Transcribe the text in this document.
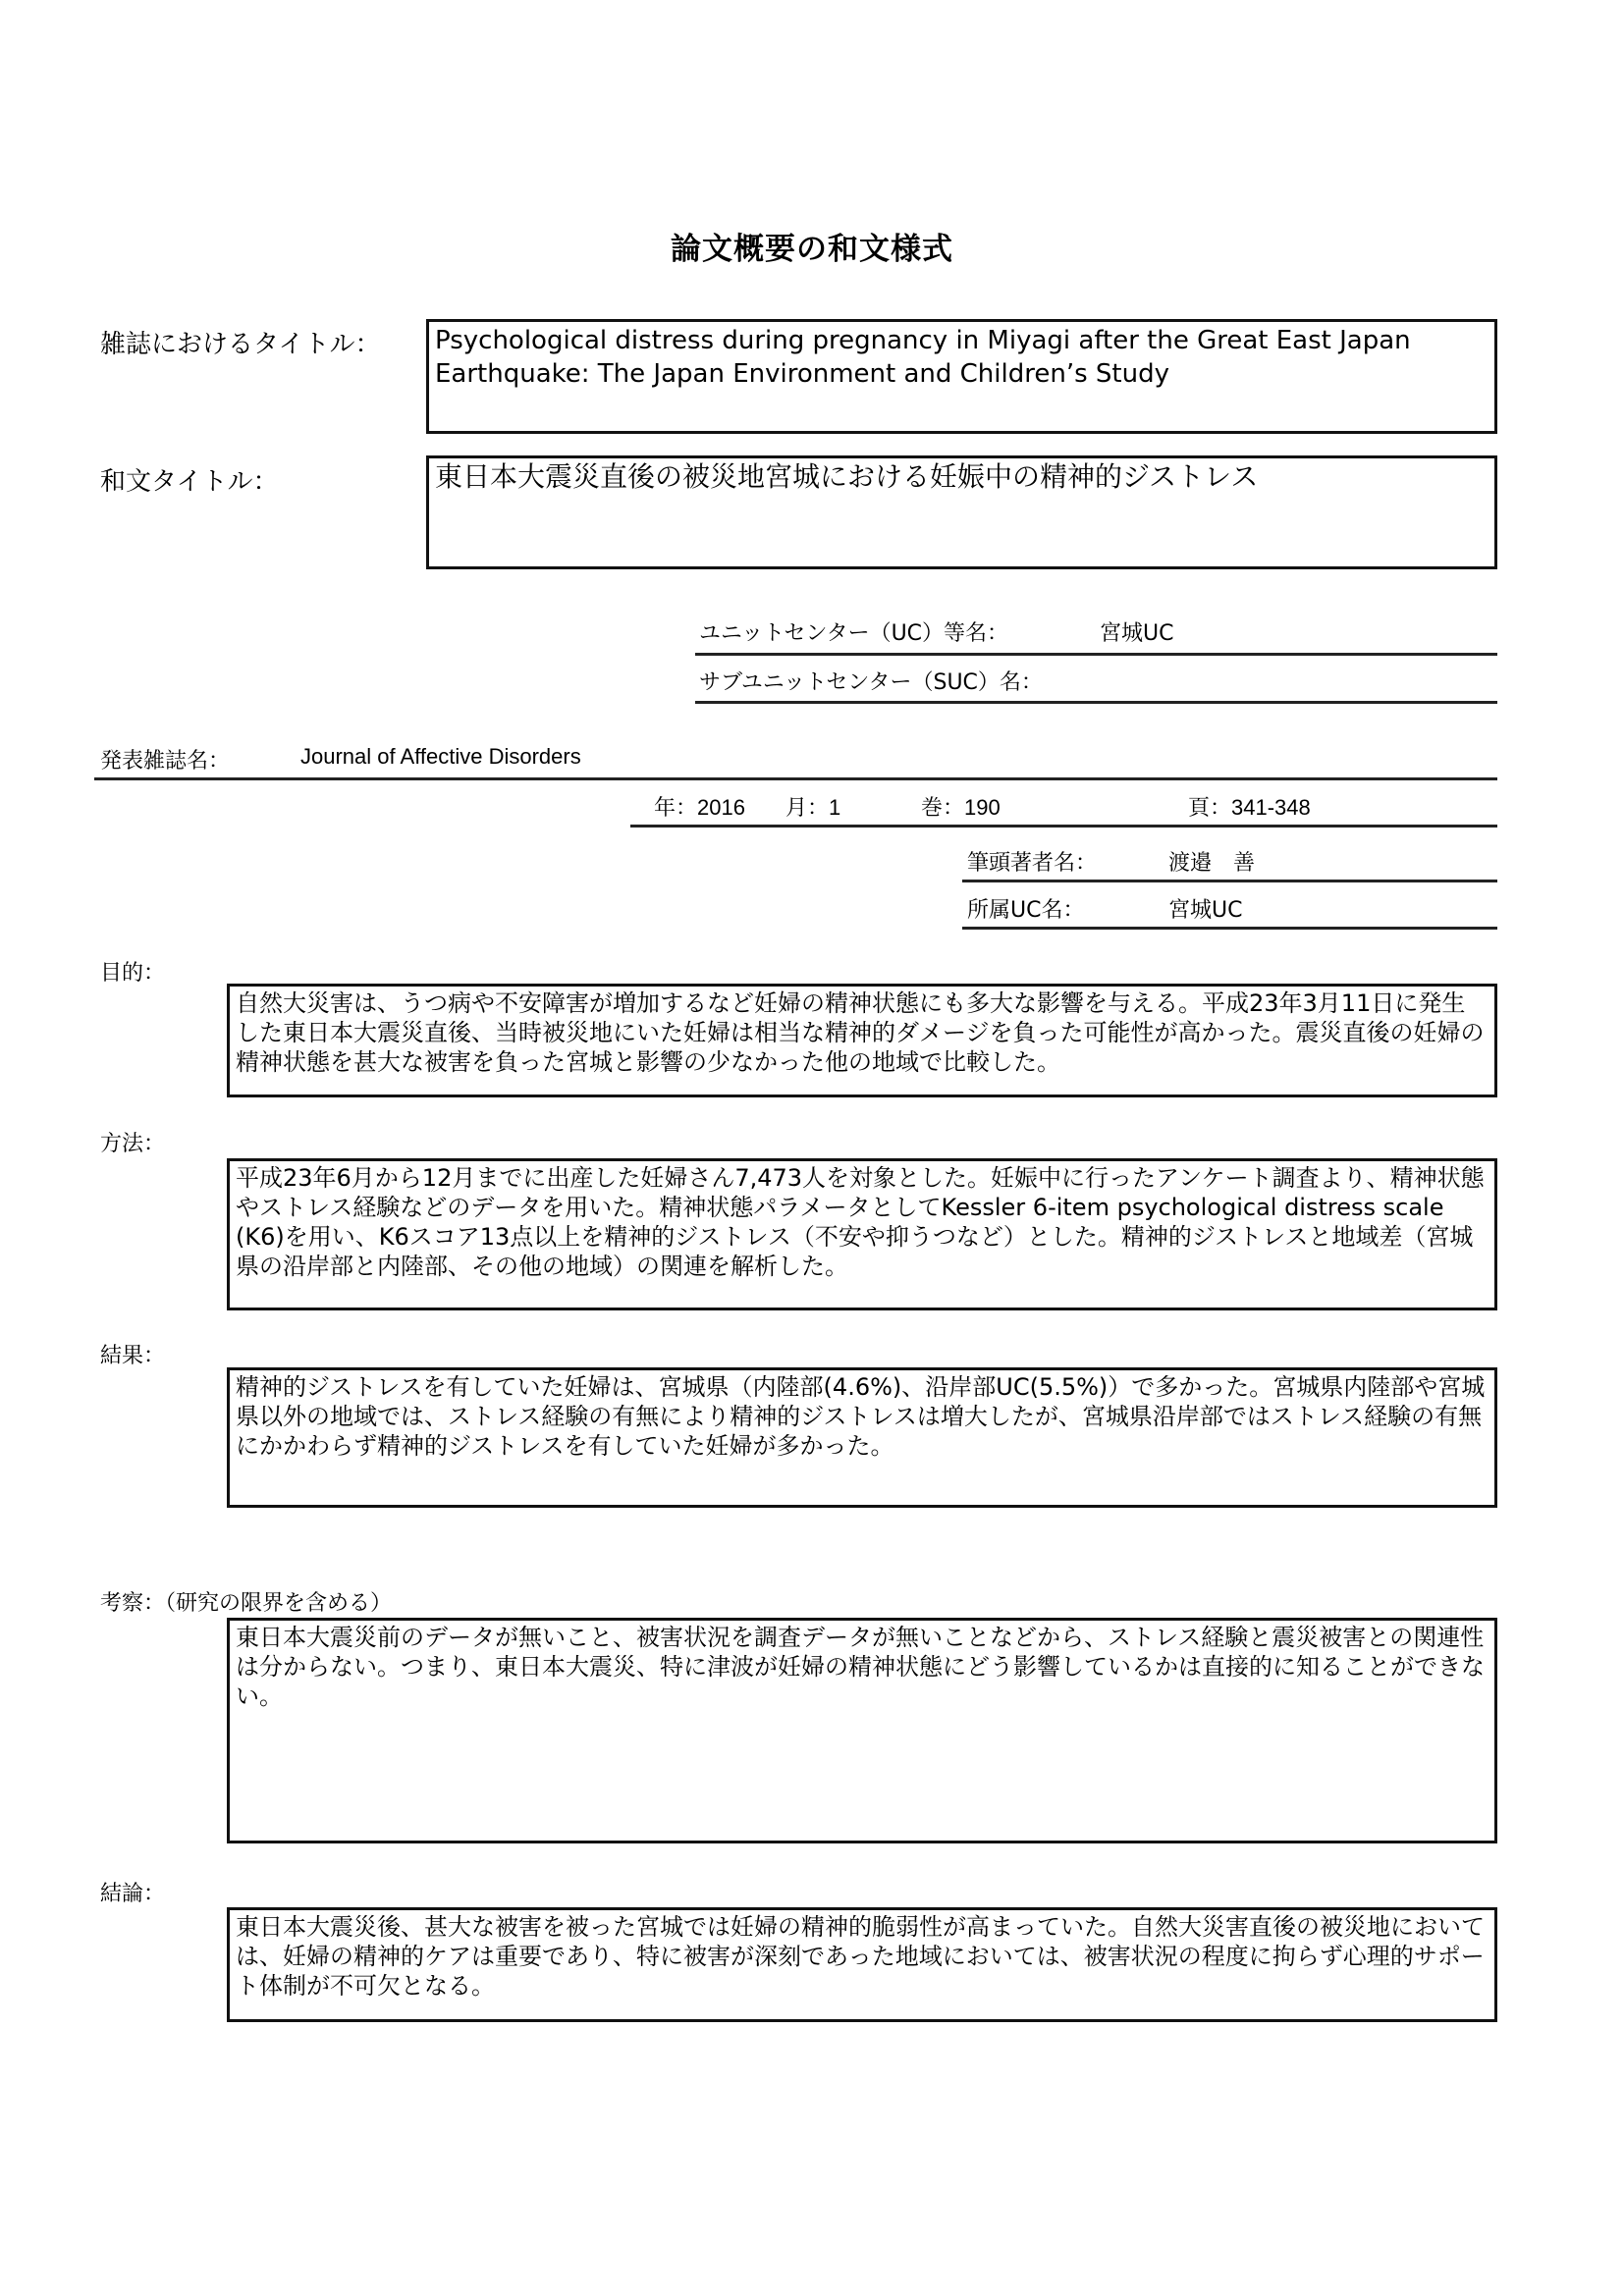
論文概要の和文様式
雑誌におけるタイトル：	Psychological distress during pregnancy in Miyagi after the Great East Japan Earthquake: The Japan Environment and Children’s Study
和文タイトル：	東日本大震災直後の被災地宮城における妊娠中の精神的ジストレス
ユニットセンター（UC）等名：	宮城UC
サブユニットセンター（SUC）名：
発表雑誌名：	Journal of Affective Disorders
年：2016 月：1	巻：190	頁：341-348
筆頭著者名：	渡邉　善
所属UC名：	宮城UC
目的：
自然大災害は、うつ病や不安障害が増加するなど妊婦の精神状態にも多大な影響を与える。平成23年3月11日に発生した東日本大震災直後、当時被災地にいた妊婦は相当な精神的ダメージを負った可能性が高かった。震災直後の妊婦の精神状態を甚大な被害を負った宮城と影響の少なかった他の地域で比較した。
方法：
平成23年6月から12月までに出産した妊婦さん7,473人を対象とした。妊娠中に行ったアンケート調査より、精神状態やストレス経験などのデータを用いた。精神状態パラメータとしてKessler 6-item psychological distress scale (K6)を用い、K6スコア13点以上を精神的ジストレス（不安や抑うつなど）とした。精神的ジストレスと地域差（宮城県の沿岸部と内陸部、その他の地域）の関連を解析した。
結果：
精神的ジストレスを有していた妊婦は、宮城県（内陸部(4.6%)、沿岸部UC(5.5%)）で多かった。宮城県内陸部や宮城県以外の地域では、ストレス経験の有無により精神的ジストレスは増大したが、宮城県沿岸部ではストレス経験の有無にかかわらず精神的ジストレスを有していた妊婦が多かった。
考察：（研究の限界を含める）
東日本大震災前のデータが無いこと、被害状況を調査データが無いことなどから、ストレス経験と震災被害との関連性は分からない。つまり、東日本大震災、特に津波が妊婦の精神状態にどう影響しているかは直接的に知ることができない。
結論：
東日本大震災後、甚大な被害を被った宮城では妊婦の精神的脆弱性が高まっていた。自然大災害直後の被災地においては、妊婦の精神的ケアは重要であり、特に被害が深刻であった地域においては、被害状況の程度に拘らず心理的サポート体制が不可欠となる。
